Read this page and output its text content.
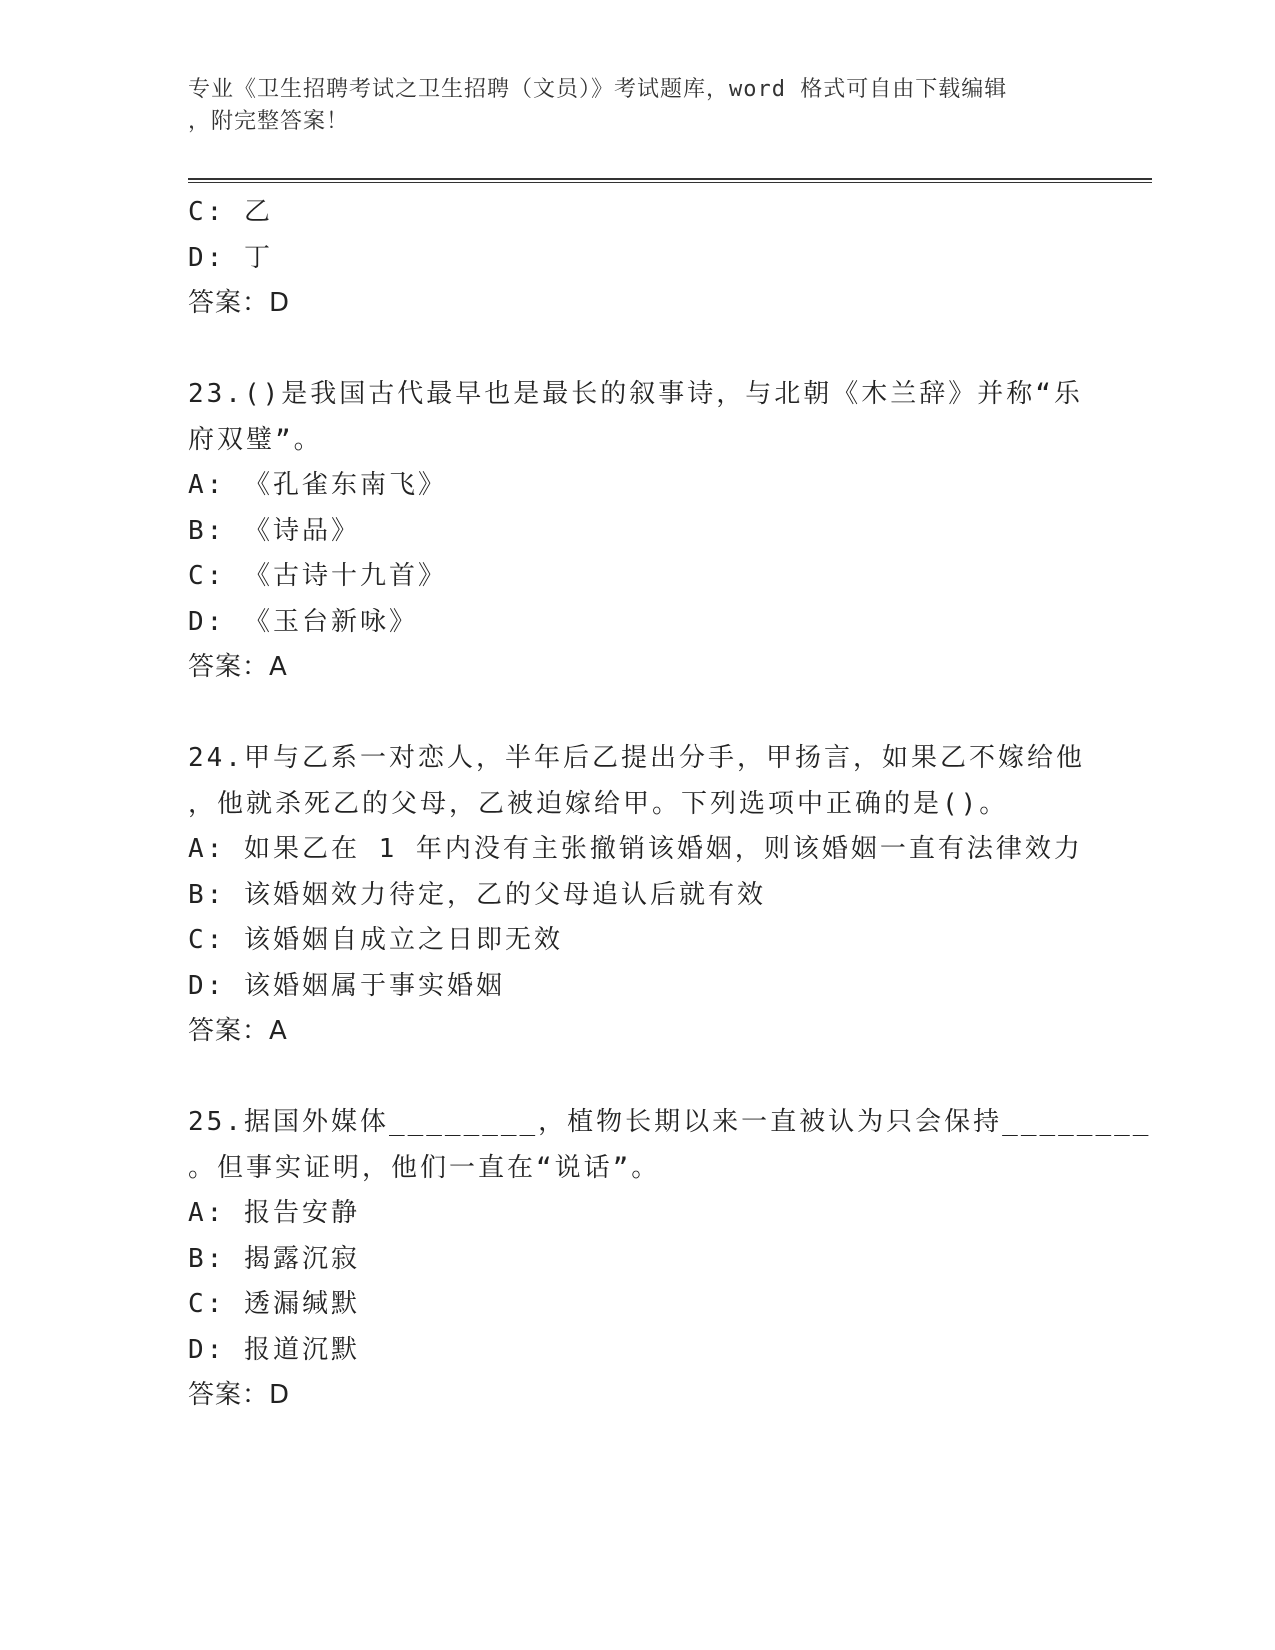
专业《卫生招聘考试之卫生招聘（文员）》考试题库，word 格式可自由下载编辑
，附完整答案！
C: 乙
D: 丁
答案：D
23.()是我国古代最早也是最长的叙事诗，与北朝《木兰辞》并称“乐
府双璧”。
A: 《孔雀东南飞》
B: 《诗品》
C: 《古诗十九首》
D: 《玉台新咏》
答案：A
24.甲与乙系一对恋人，半年后乙提出分手，甲扬言，如果乙不嫁给他
，他就杀死乙的父母，乙被迫嫁给甲。下列选项中正确的是()。
A: 如果乙在 1 年内没有主张撤销该婚姻，则该婚姻一直有法律效力
B: 该婚姻效力待定，乙的父母追认后就有效
C: 该婚姻自成立之日即无效
D: 该婚姻属于事实婚姻
答案：A
25.据国外媒体________，植物长期以来一直被认为只会保持________
。但事实证明，他们一直在“说话”。
A: 报告安静
B: 揭露沉寂
C: 透漏缄默
D: 报道沉默
答案：D
